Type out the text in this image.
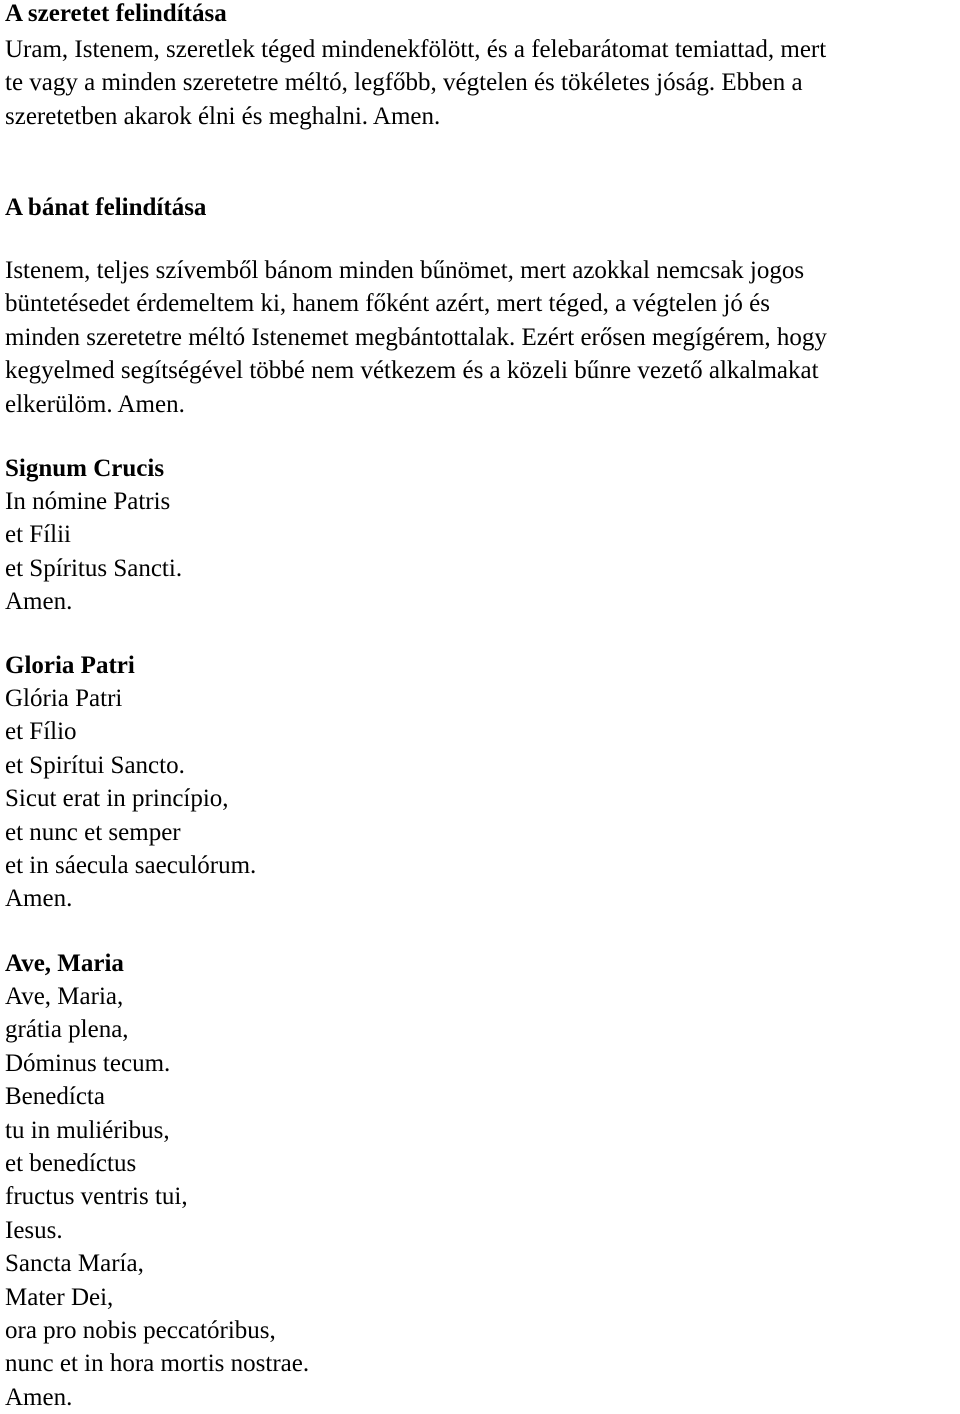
A szeretet felindítása
Uram, Istenem, szeretlek téged mindenekfölött, és a felebarátomat temiattad, mert
te vagy a minden szeretetre méltó, legfőbb, végtelen és tökéletes jóság. Ebben a
szeretetben akarok élni és meghalni. Amen.
A bánat felindítása
Istenem, teljes szívemből bánom minden bűnömet, mert azokkal nemcsak jogos
büntetésedet érdemeltem ki, hanem főként azért, mert téged, a végtelen jó és
minden szeretetre méltó Istenemet megbántottalak. Ezért erősen megígérem, hogy
kegyelmed segítségével többé nem vétkezem és a közeli bűnre vezető alkalmakat
elkerülöm. Amen.
Signum Crucis
In nómine Patris
et Fílii
et Spíritus Sancti.
Amen.
Gloria Patri
Glória Patri
et Fílio
et Spirítui Sancto.
Sicut erat in princípio,
et nunc et semper
et in sáecula saeculórum.
Amen.
Ave, Maria
Ave, Maria,
grátia plena,
Dóminus tecum.
Benedícta
tu in muliéribus,
et benedíctus
fructus ventris tui,
Iesus.
Sancta María,
Mater Dei,
ora pro nobis peccatóribus,
nunc et in hora mortis nostrae.
Amen.
